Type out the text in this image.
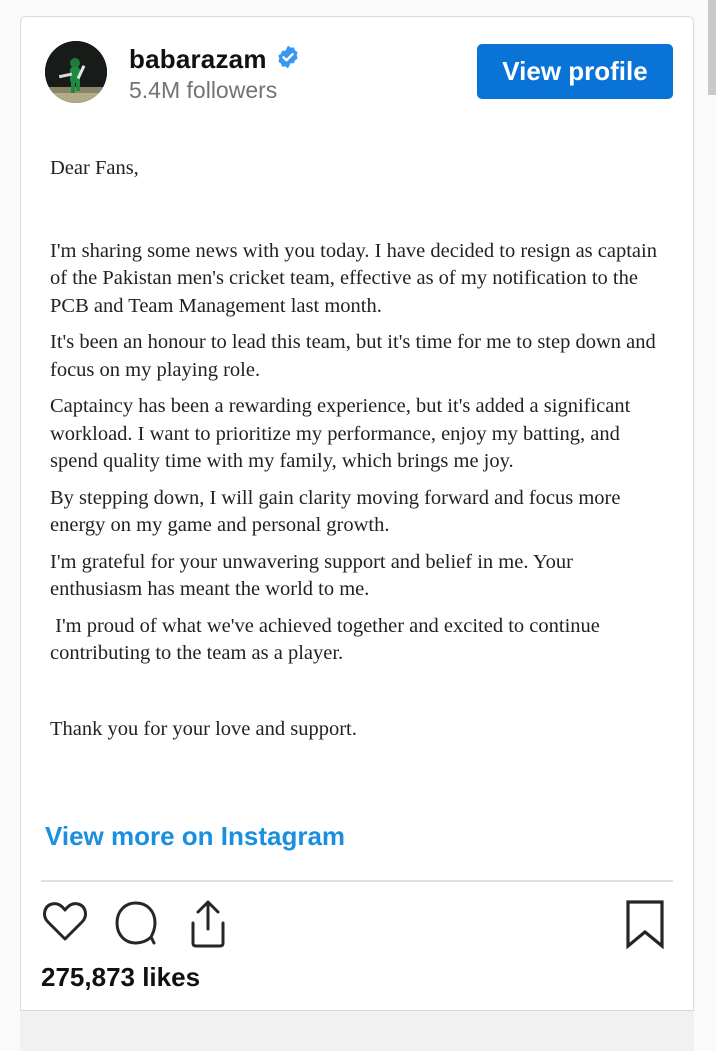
babarazam
5.4M followers
View profile

Dear Fans,

I'm sharing some news with you today. I have decided to resign as captain of the Pakistan men's cricket team, effective as of my notification to the PCB and Team Management last month.

It's been an honour to lead this team, but it's time for me to step down and focus on my playing role.

Captaincy has been a rewarding experience, but it's added a significant workload. I want to prioritize my performance, enjoy my batting, and spend quality time with my family, which brings me joy.

By stepping down, I will gain clarity moving forward and focus more energy on my game and personal growth.

I'm grateful for your unwavering support and belief in me. Your enthusiasm has meant the world to me.

I'm proud of what we've achieved together and excited to continue contributing to the team as a player.

Thank you for your love and support.

View more on Instagram
275,873 likes
